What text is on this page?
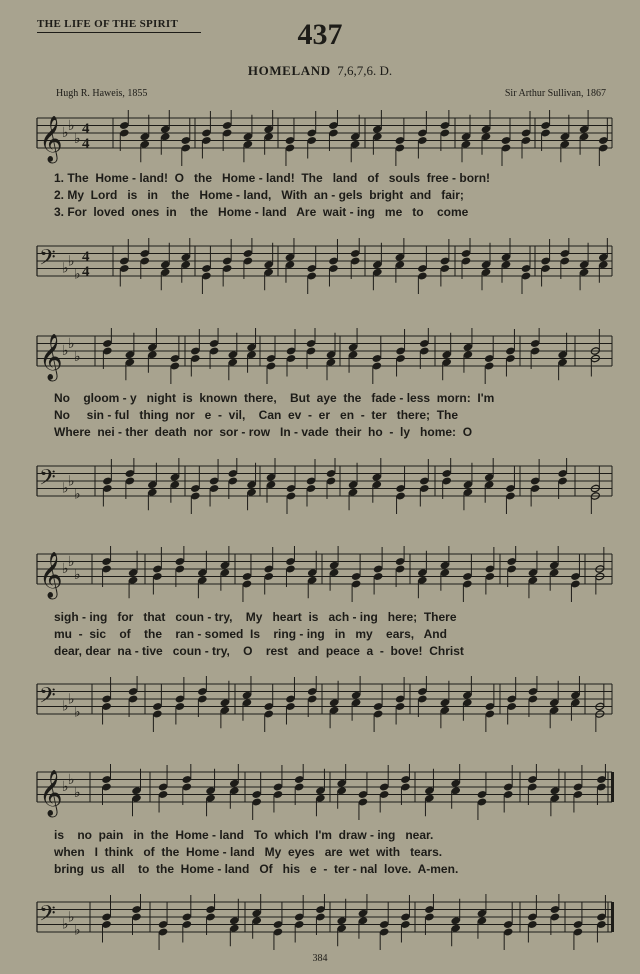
THE LIFE OF THE SPIRIT	437
HOMELAND 7,6,7,6. D.
Hugh R. Haweis, 1855	Sir Arthur Sullivan, 1867
1. The  Home - land!  O   the   Home - land!  The   land   of   souls  free - born!
2. My  Lord   is   in    the   Home - land,   With  an - gels  bright  and   fair;
3. For  loved  ones  in    the   Home - land   Are  wait - ing   me   to    come
No    gloom - y   night  is  known  there,    But  aye  the   fade - less  morn:  I'm
No     sin - ful   thing  nor   e  -  vil,    Can  ev  -  er   en  -  ter   there;  The
Where  nei - ther  death  nor  sor - row   In - vade  their  ho  -  ly   home:  O
sigh - ing   for   that   coun - try,    My   heart  is   ach - ing   here;  There
mu  -  sic    of    the    ran - somed  Is    ring - ing   in   my    ears,   And
dear, dear  na - tive   coun - try,    O    rest   and  peace  a  -  bove!  Christ
is    no  pain   in  the  Home - land   To  which  I'm  draw - ing   near.
when   I  think   of  the  Home - land   My  eyes   are  wet  with   tears.
bring  us  all    to  the  Home - land   Of   his   e  -  ter - nal  love.  A-men.
𝄞 ♭ ♭
♭
4
4
𝄢 ♭ ♭
♭
4
4
𝄞 ♭ ♭
♭
𝄢 ♭ ♭
♭
𝄞 ♭ ♭
♭
𝄢 ♭ ♭
♭
𝄞 ♭ ♭
♭
𝄢 ♭ ♭
♭
384
